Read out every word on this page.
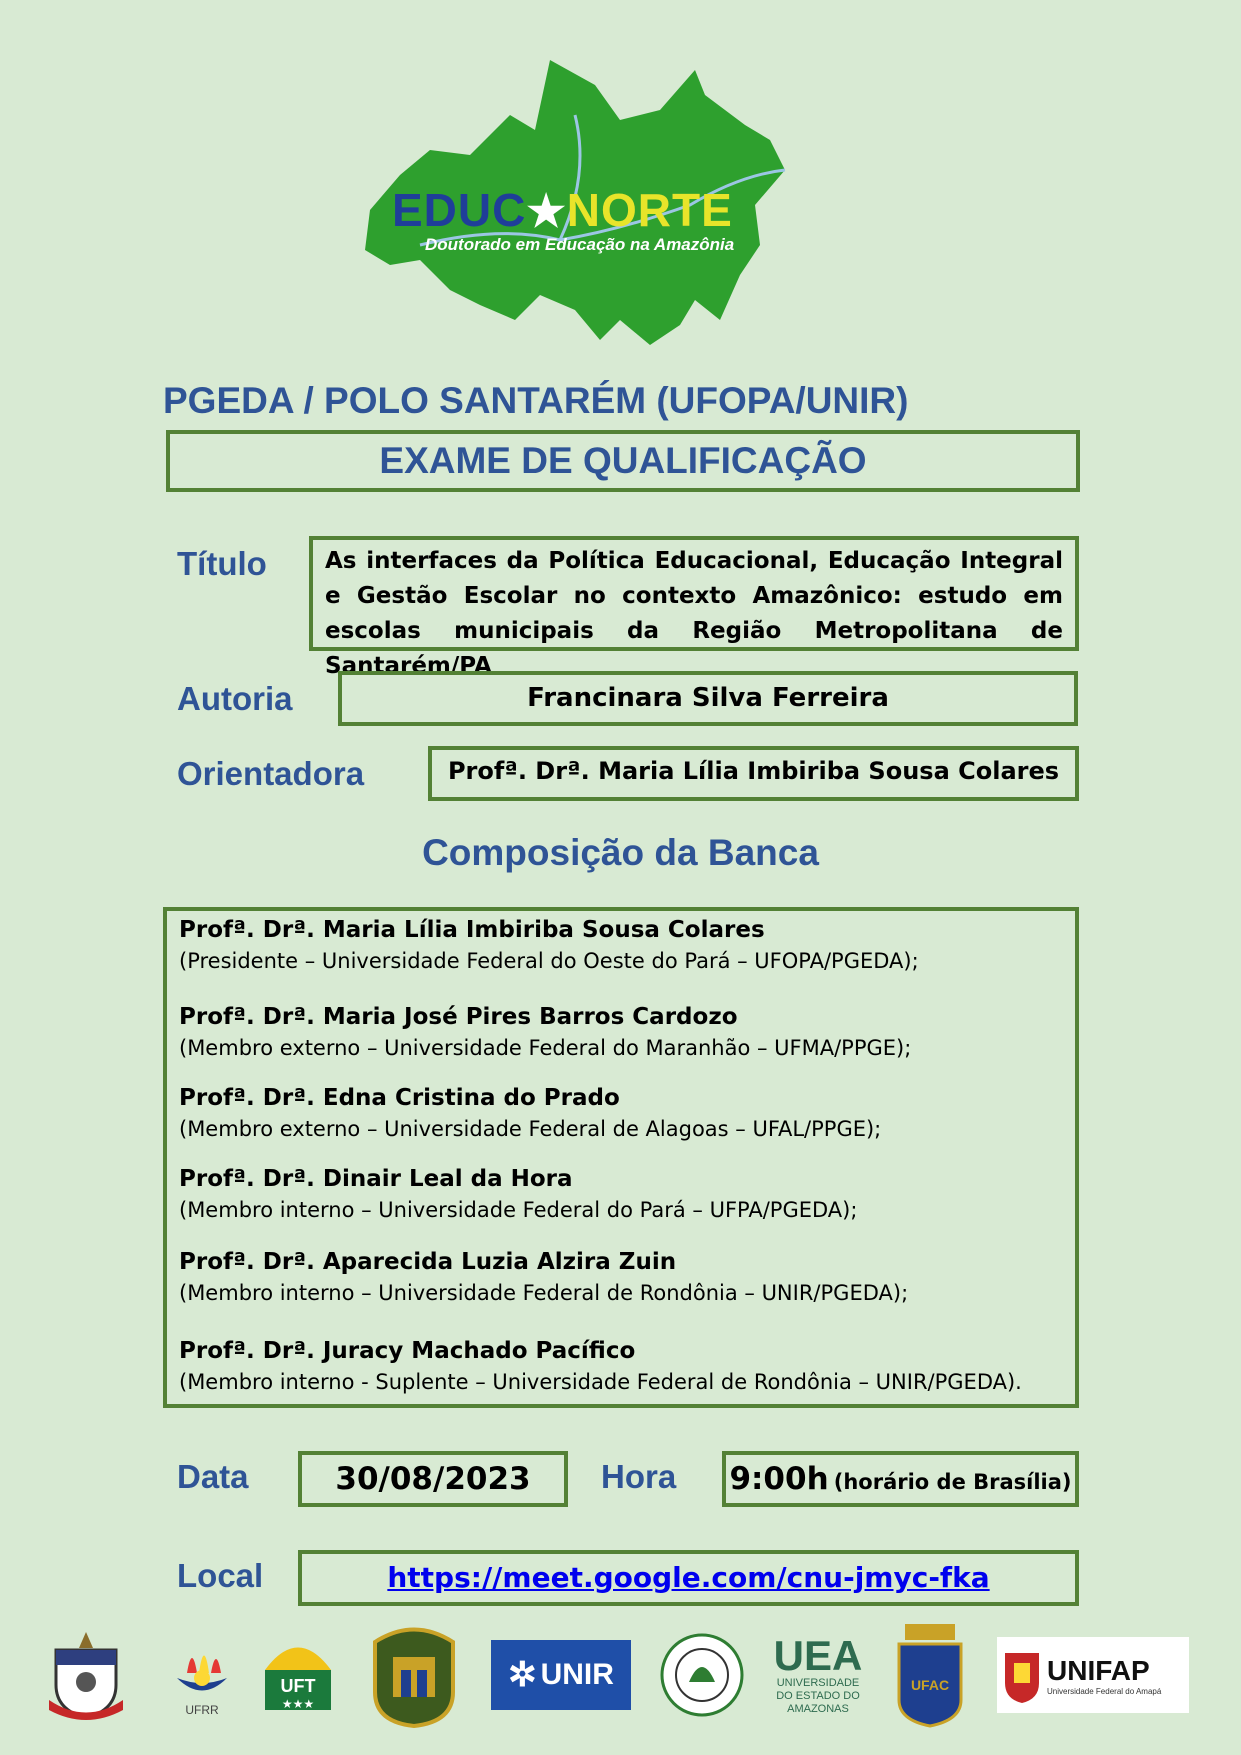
EDUC★NORTE
Doutorado em Educação na Amazônia
PGEDA / POLO SANTARÉM (UFOPA/UNIR)
EXAME DE QUALIFICAÇÃO
Título	As interfaces da Política Educacional, Educação Integral e Gestão Escolar no contexto Amazônico: estudo em escolas municipais da Região Metropolitana de Santarém/PA
Autoria	Francinara Silva Ferreira
Orientadora	Profª. Drª. Maria Lília Imbiriba Sousa Colares
Composição da Banca
Profª. Drª. Maria Lília Imbiriba Sousa Colares
(Presidente – Universidade Federal do Oeste do Pará – UFOPA/PGEDA);
Profª. Drª. Maria José Pires Barros Cardozo
(Membro externo – Universidade Federal do Maranhão – UFMA/PPGE);
Profª. Drª. Edna Cristina do Prado
(Membro externo – Universidade Federal de Alagoas – UFAL/PPGE);
Profª. Drª. Dinair Leal da Hora
(Membro interno – Universidade Federal do Pará – UFPA/PGEDA);
Profª. Drª. Aparecida Luzia Alzira Zuin
(Membro interno – Universidade Federal de Rondônia – UNIR/PGEDA);
Profª. Drª. Juracy Machado Pacífico
(Membro interno - Suplente – Universidade Federal de Rondônia – UNIR/PGEDA).
Data	30/08/2023	Hora 9:00h (horário de Brasília)
Local	https://meet.google.com/cnu-jmyc-fka
UFRR
UFT
★★★
✲ UNIR	UEA
UNIVERSIDADE DO ESTADO DO AMAZONAS
UFAC	UNIFAP
Universidade Federal do Amapá
